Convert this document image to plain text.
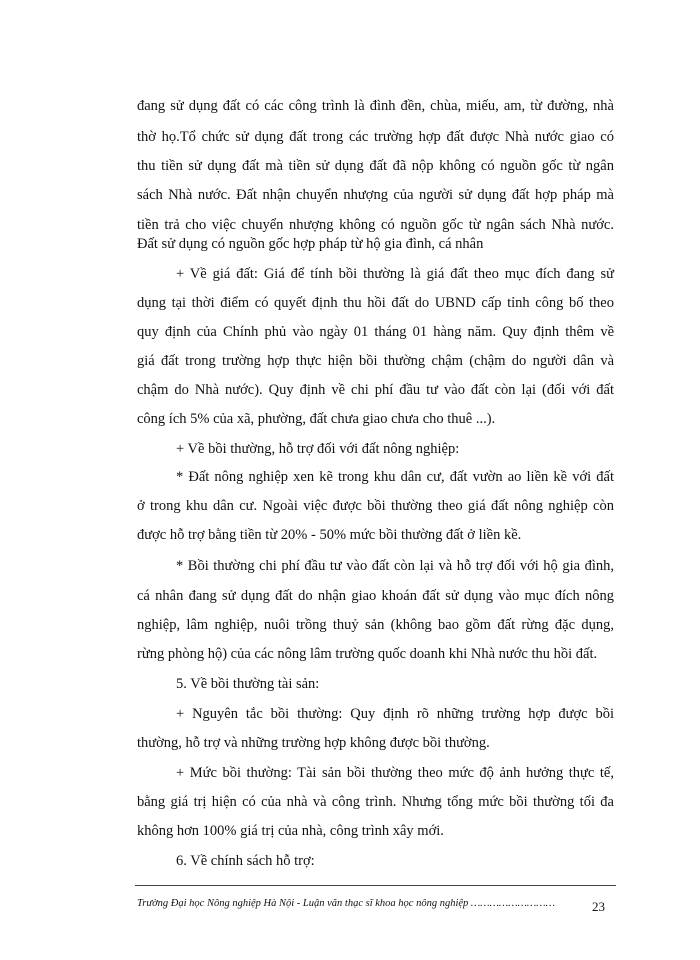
đang sử dụng đất có các công trình là đình đền, chùa, miếu, am, từ đường, nhà
thờ họ.Tổ chức sử dụng đất trong các trường hợp đất được Nhà nước giao có
thu tiền sử dụng đất mà tiền sử dụng đất đã nộp không có nguồn gốc từ ngân
sách Nhà nước. Đất nhận chuyển nhượng của người sử dụng đất hợp pháp mà
tiền trả cho việc chuyển nhượng không có nguồn gốc từ ngân sách Nhà nước.
Đất sử dụng có nguồn gốc hợp pháp từ hộ gia đình, cá nhân
+ Về giá đất: Giá để tính bồi thường là giá đất theo mục đích đang sử
dụng tại thời điểm có quyết định thu hồi đất do UBND cấp tỉnh công bố theo
quy định của Chính phủ vào ngày 01 tháng 01 hàng năm. Quy định thêm về
giá đất trong trường hợp thực hiện bồi thường chậm (chậm do người dân và
chậm do Nhà nước). Quy định về chi phí đầu tư vào đất còn lại (đối với đất
công ích 5% của xã, phường, đất chưa giao chưa cho thuê ...).
+ Về bồi thường, hỗ trợ đối với đất nông nghiệp:
* Đất nông nghiệp xen kẽ trong khu dân cư, đất vườn ao liền kề với đất
ở trong khu dân cư. Ngoài việc được bồi thường theo giá đất nông nghiệp còn
được hỗ trợ bằng tiền từ 20% - 50% mức bồi thường đất ở liền kề.
* Bồi thường chi phí đầu tư vào đất còn lại và hỗ trợ đối với hộ gia đình,
cá nhân đang sử dụng đất do nhận giao khoán đất sử dụng vào mục đích nông
nghiệp, lâm nghiệp, nuôi trồng thuỷ sản (không bao gồm đất rừng đặc dụng,
rừng phòng hộ) của các nông lâm trường quốc doanh khi Nhà nước thu hồi đất.
5. Về bồi thường tài sản:
+ Nguyên tắc bồi thường: Quy định rõ những trường hợp được bồi
thường, hỗ trợ và những trường hợp không được bồi thường.
+ Mức bồi thường: Tài sản bồi thường theo mức độ ảnh hưởng thực tế,
bằng giá trị hiện có của nhà và công trình. Nhưng tổng mức bồi thường tối đa
không hơn 100% giá trị của nhà, công trình xây mới.
6. Về chính sách hỗ trợ:
Trường Đại học Nông nghiệp Hà Nội - Luận văn thạc sĩ khoa học nông nghiệp ………………………	23
